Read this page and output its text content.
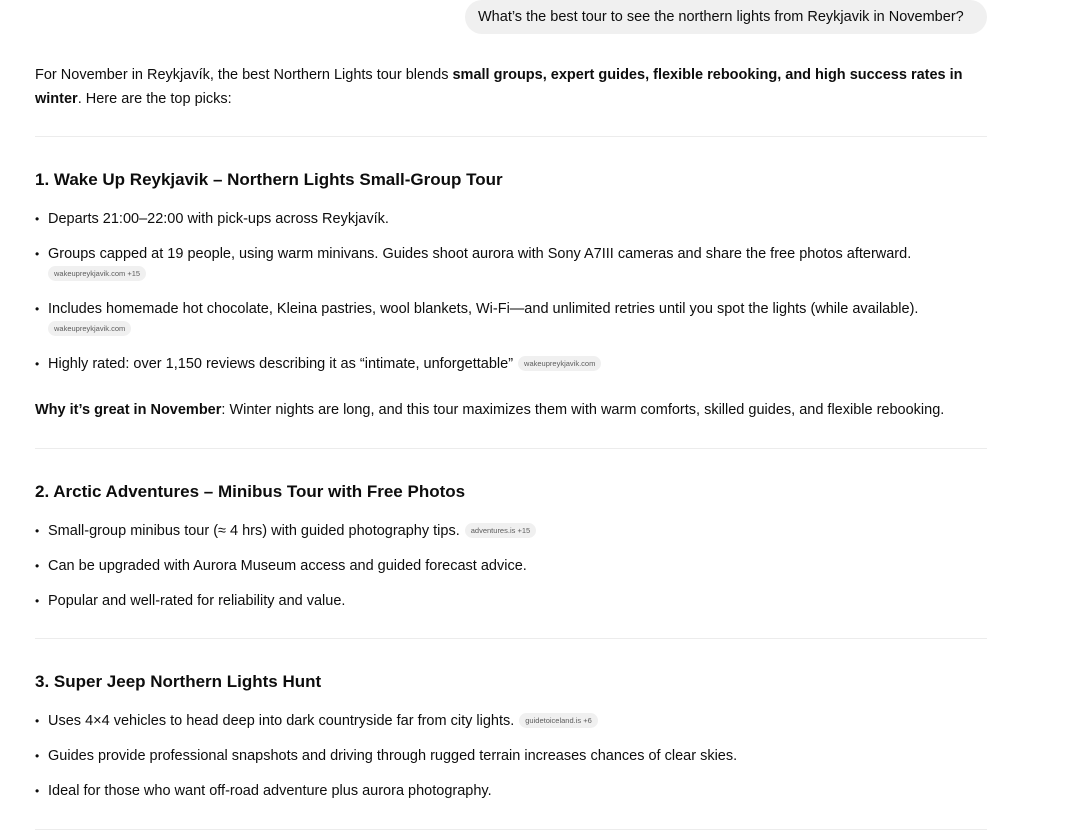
What’s the best tour to see the northern lights from Reykjavik in November?

For November in Reykjavík, the best Northern Lights tour blends small groups, expert guides, flexible rebooking, and high success rates in winter. Here are the top picks:

1. Wake Up Reykjavik – Northern Lights Small-Group Tour
• Departs 21:00–22:00 with pick-ups across Reykjavík.
• Groups capped at 19 people, using warm minivans. Guides shoot aurora with Sony A7III cameras and share the free photos afterward.
wakeupreykjavik.com +15
• Includes homemade hot chocolate, Kleina pastries, wool blankets, Wi-Fi—and unlimited retries until you spot the lights (while available).
wakeupreykjavik.com
• Highly rated: over 1,150 reviews describing it as “intimate, unforgettable” wakeupreykjavik.com
Why it’s great in November: Winter nights are long, and this tour maximizes them with warm comforts, skilled guides, and flexible rebooking.
2. Arctic Adventures – Minibus Tour with Free Photos
• Small-group minibus tour (≈ 4 hrs) with guided photography tips. adventures.is +15
• Can be upgraded with Aurora Museum access and guided forecast advice.
• Popular and well-rated for reliability and value.
3. Super Jeep Northern Lights Hunt
• Uses 4×4 vehicles to head deep into dark countryside far from city lights. guidetoiceland.is +6
• Guides provide professional snapshots and driving through rugged terrain increases chances of clear skies.
• Ideal for those who want off-road adventure plus aurora photography.
